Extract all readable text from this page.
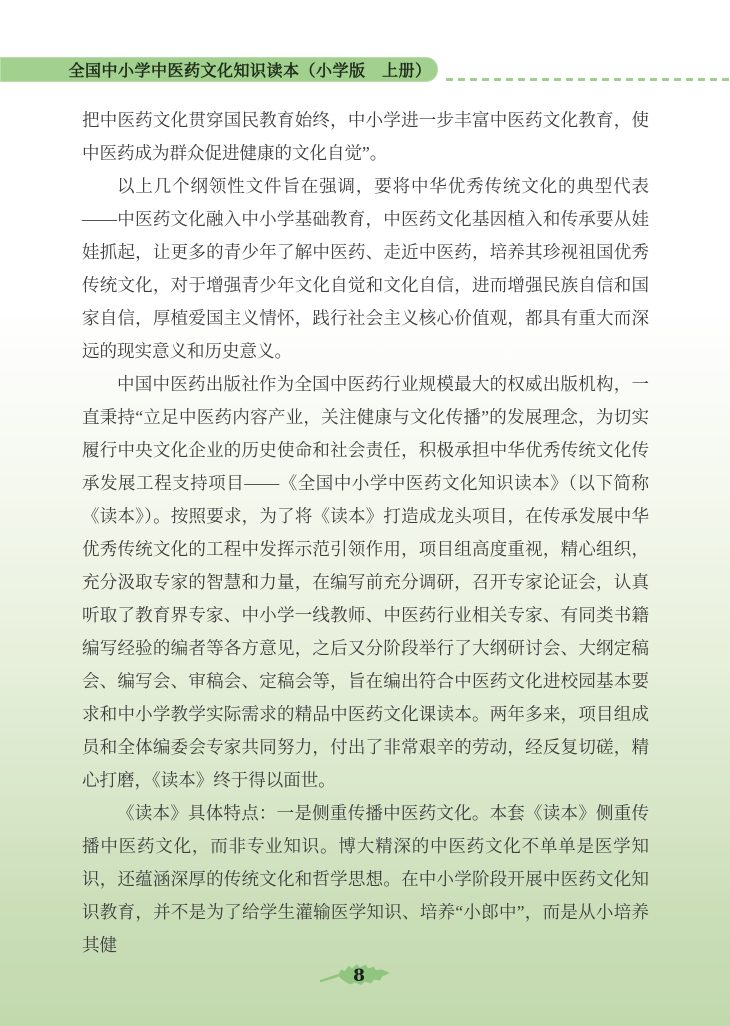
全国中小学中医药文化知识读本（小学版　上册）

把中医药文化贯穿国民教育始终，中小学进一步丰富中医药文化教育，使中医药成为群众促进健康的文化自觉”。

以上几个纲领性文件旨在强调，要将中华优秀传统文化的典型代表——中医药文化融入中小学基础教育，中医药文化基因植入和传承要从娃娃抓起，让更多的青少年了解中医药、走近中医药，培养其珍视祖国优秀传统文化，对于增强青少年文化自觉和文化自信，进而增强民族自信和国家自信，厚植爱国主义情怀，践行社会主义核心价值观，都具有重大而深远的现实意义和历史意义。

中国中医药出版社作为全国中医药行业规模最大的权威出版机构，一直秉持“立足中医药内容产业，关注健康与文化传播”的发展理念，为切实履行中央文化企业的历史使命和社会责任，积极承担中华优秀传统文化传承发展工程支持项目——《全国中小学中医药文化知识读本》（以下简称《读本》）。按照要求，为了将《读本》打造成龙头项目，在传承发展中华优秀传统文化的工程中发挥示范引领作用，项目组高度重视，精心组织，充分汲取专家的智慧和力量，在编写前充分调研，召开专家论证会，认真听取了教育界专家、中小学一线教师、中医药行业相关专家、有同类书籍编写经验的编者等各方意见，之后又分阶段举行了大纲研讨会、大纲定稿会、编写会、审稿会、定稿会等，旨在编出符合中医药文化进校园基本要求和中小学教学实际需求的精品中医药文化课读本。两年多来，项目组成员和全体编委会专家共同努力，付出了非常艰辛的劳动，经反复切磋，精心打磨，《读本》终于得以面世。

《读本》具体特点：一是侧重传播中医药文化。本套《读本》侧重传播中医药文化，而非专业知识。博大精深的中医药文化不单单是医学知识，还蕴涵深厚的传统文化和哲学思想。在中小学阶段开展中医药文化知识教育，并不是为了给学生灌输医学知识、培养“小郎中”，而是从小培养其健

8
